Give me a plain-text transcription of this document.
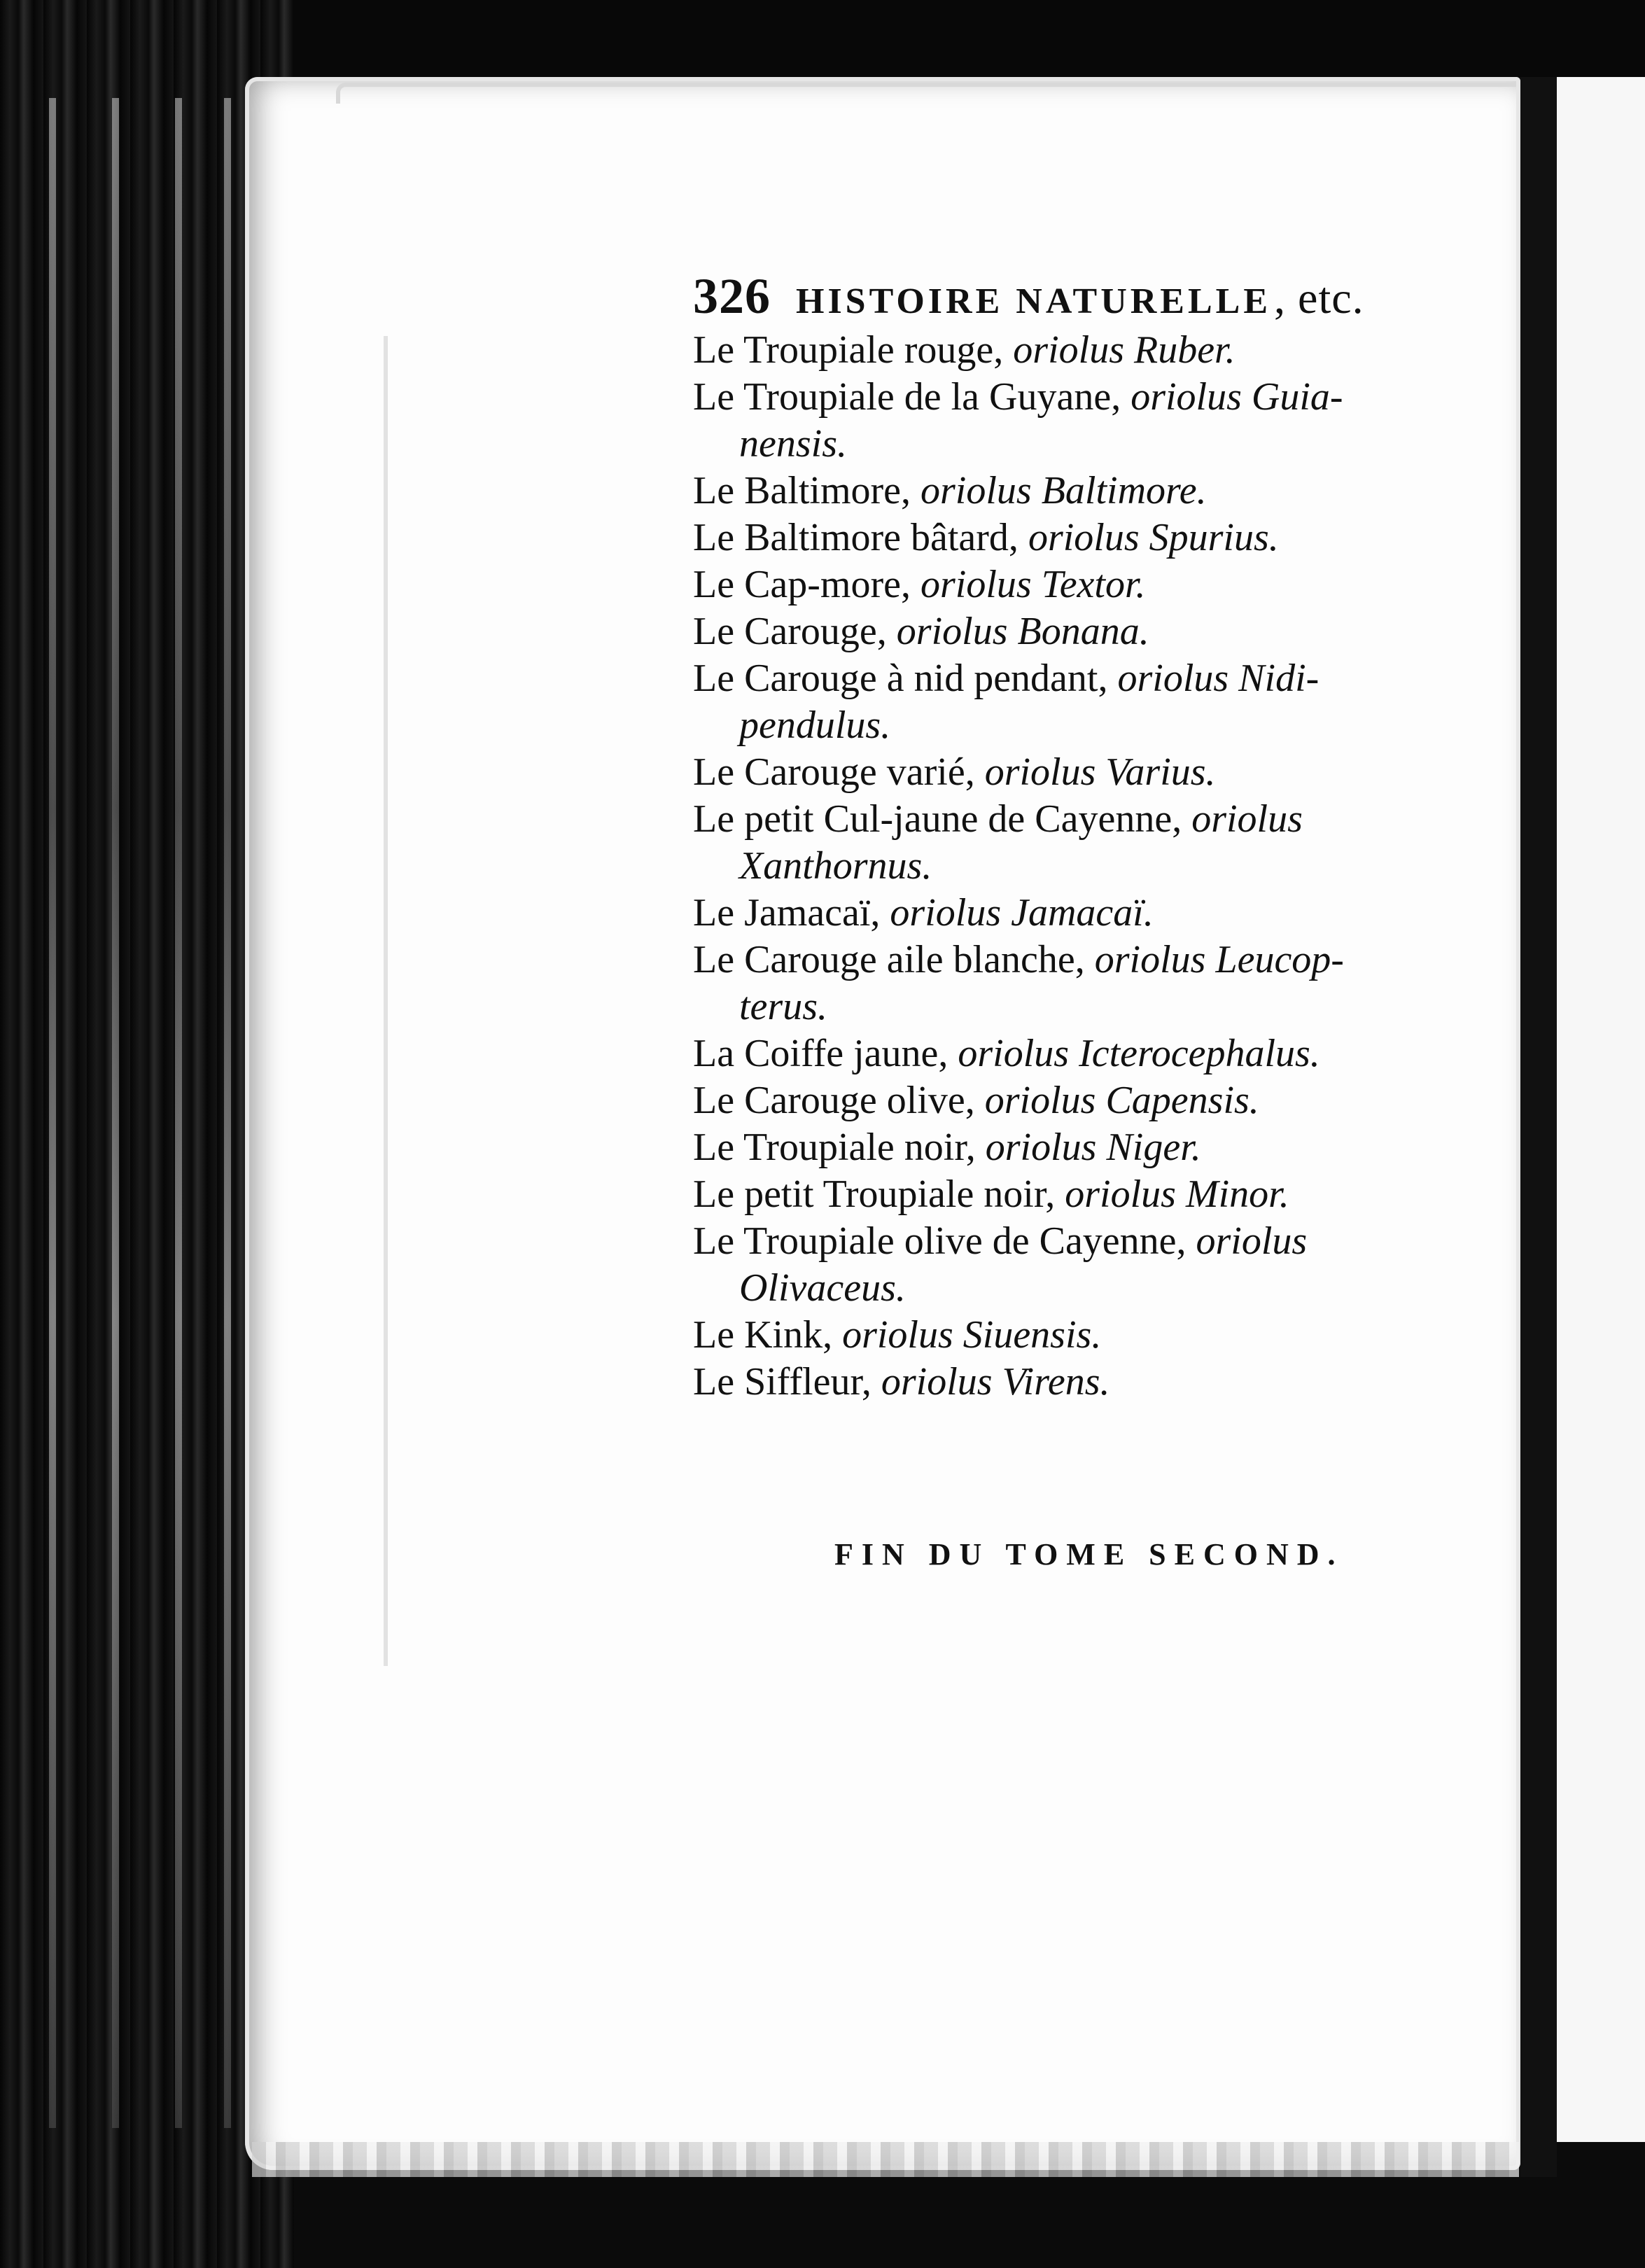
326 HISTOIRE NATURELLE , etc.
Le Troupiale rouge, oriolus Ruber.
Le Troupiale de la Guyane, oriolus Guia-
nensis.
Le Baltimore, oriolus Baltimore.
Le Baltimore bâtard, oriolus Spurius.
Le Cap-more, oriolus Textor.
Le Carouge, oriolus Bonana.
Le Carouge à nid pendant, oriolus Nidi-
pendulus.
Le Carouge varié, oriolus Varius.
Le petit Cul-jaune de Cayenne, oriolus
Xanthornus.
Le Jamacaï, oriolus Jamacaï.
Le Carouge aile blanche, oriolus Leucop-
terus.
La Coiffe jaune, oriolus Icterocephalus.
Le Carouge olive, oriolus Capensis.
Le Troupiale noir, oriolus Niger.
Le petit Troupiale noir, oriolus Minor.
Le Troupiale olive de Cayenne, oriolus
Olivaceus.
Le Kink, oriolus Siuensis.
Le Siffleur, oriolus Virens.
FIN DU TOME SECOND.
